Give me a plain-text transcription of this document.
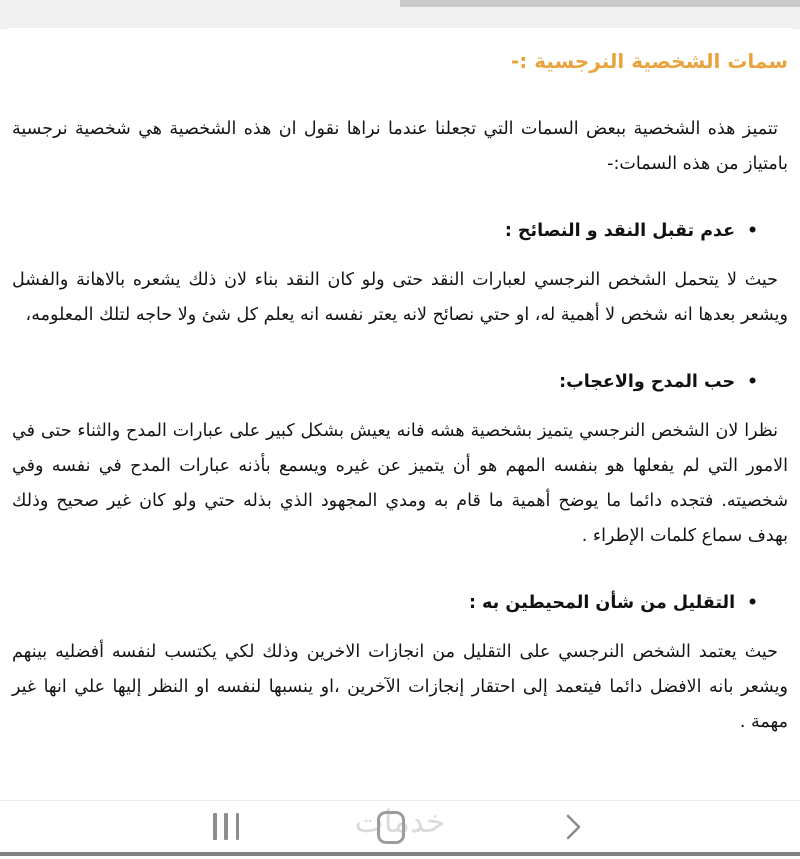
سمات الشخصية النرجسية :-

تتميز هذه الشخصية ببعض السمات التي تجعلنا عندما نراها نقول ان هذه الشخصية هي شخصية نرجسية بامتياز من هذه السمات:-

• عدم تقبل النقد و النصائح :

حيث لا يتحمل الشخص النرجسي لعبارات النقد حتى ولو كان النقد بناء لان ذلك يشعره بالاهانة والفشل ويشعر بعدها انه شخص لا أهمية له، او حتي نصائح لانه يعتر نفسه انه يعلم كل شئ ولا حاجه لتلك المعلومه،

• حب المدح والاعجاب:

نظرا لان الشخص النرجسي يتميز بشخصية هشه فانه يعيش بشكل كبير على عبارات المدح والثناء حتى في الامور التي لم يفعلها هو بنفسه المهم هو أن يتميز عن غيره ويسمع بأذنه عبارات المدح في نفسه وفي شخصيته. فتجده دائما ما يوضح أهمية ما قام به ومدي المجهود الذي بذله حتي ولو كان غير صحيح وذلك بهدف سماع كلمات الإطراء .

• التقليل من شأن المحيطين به :

حيث يعتمد الشخص النرجسي على التقليل من انجازات الاخرين وذلك لكي يكتسب لنفسه أفضليه بينهم ويشعر بانه الافضل دائما فيتعمد إلى احتقار إنجازات الآخرين ،او ينسبها لنفسه او النظر إليها علي انها غير مهمة .

خدمات
